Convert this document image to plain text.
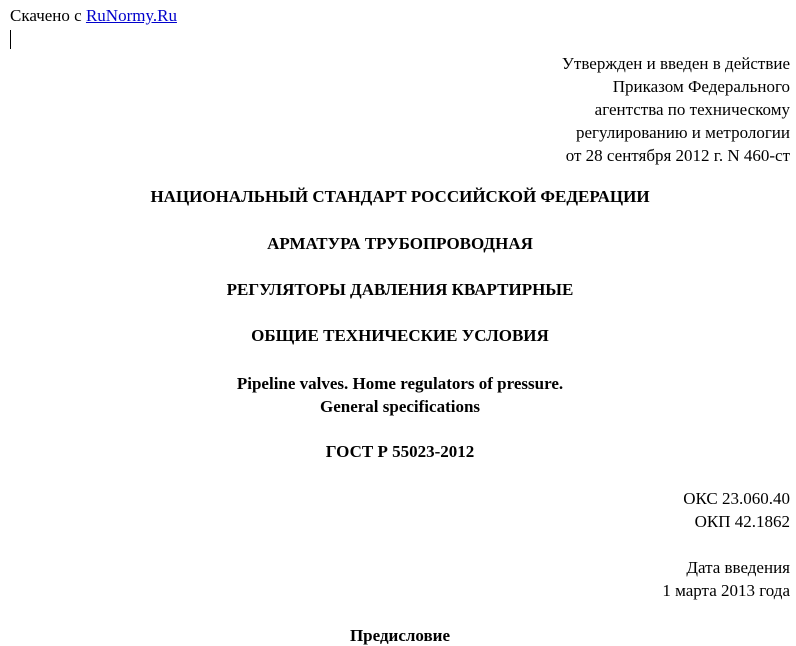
Скачено с RuNormy.Ru
Утвержден и введен в действие
Приказом Федерального
агентства по техническому
регулированию и метрологии
от 28 сентября 2012 г. N 460-ст
НАЦИОНАЛЬНЫЙ СТАНДАРТ РОССИЙСКОЙ ФЕДЕРАЦИИ
АРМАТУРА ТРУБОПРОВОДНАЯ
РЕГУЛЯТОРЫ ДАВЛЕНИЯ КВАРТИРНЫЕ
ОБЩИЕ ТЕХНИЧЕСКИЕ УСЛОВИЯ
Pipeline valves. Home regulators of pressure.
General specifications
ГОСТ Р 55023-2012
ОКС 23.060.40
ОКП 42.1862
Дата введения
1 марта 2013 года
Предисловие
